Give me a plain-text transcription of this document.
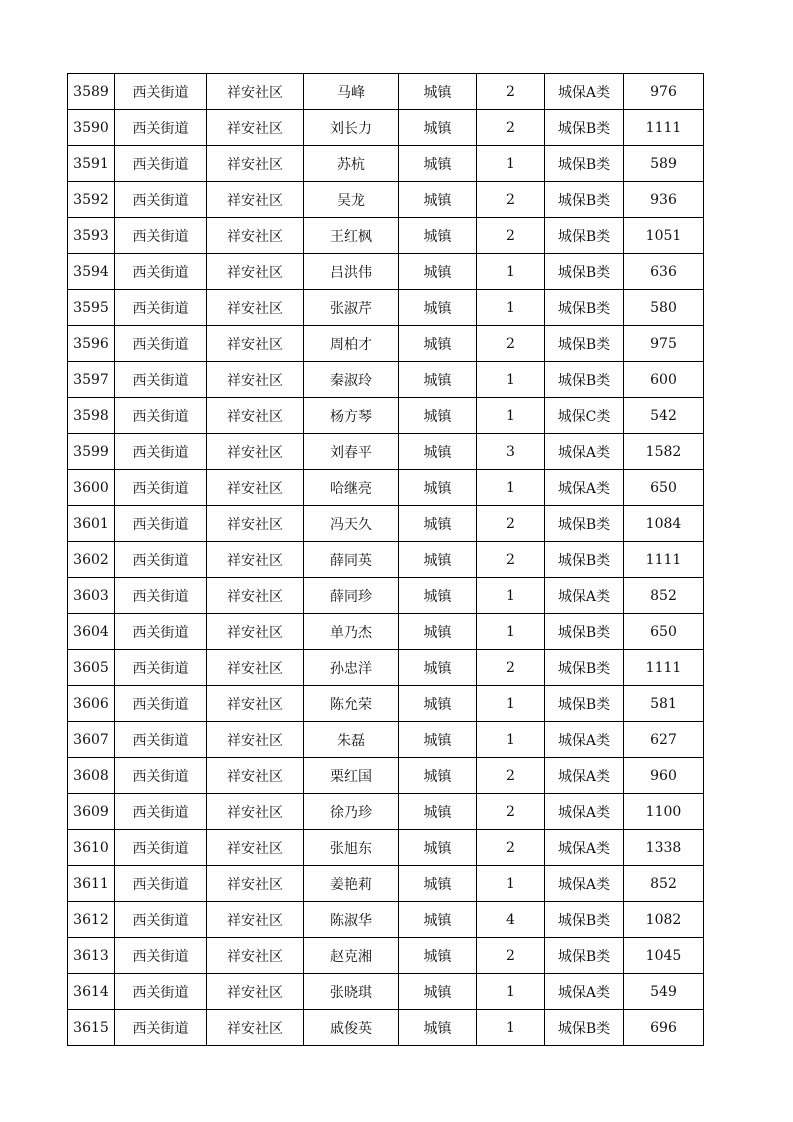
3589	西关街道	祥安社区	马峰	城镇	2	城保A类	976
3590	西关街道	祥安社区	刘长力	城镇	2	城保B类	1111
3591	西关街道	祥安社区	苏杭	城镇	1	城保B类	589
3592	西关街道	祥安社区	吴龙	城镇	2	城保B类	936
3593	西关街道	祥安社区	王红枫	城镇	2	城保B类	1051
3594	西关街道	祥安社区	吕洪伟	城镇	1	城保B类	636
3595	西关街道	祥安社区	张淑芹	城镇	1	城保B类	580
3596	西关街道	祥安社区	周柏才	城镇	2	城保B类	975
3597	西关街道	祥安社区	秦淑玲	城镇	1	城保B类	600
3598	西关街道	祥安社区	杨方琴	城镇	1	城保C类	542
3599	西关街道	祥安社区	刘春平	城镇	3	城保A类	1582
3600	西关街道	祥安社区	哈继亮	城镇	1	城保A类	650
3601	西关街道	祥安社区	冯天久	城镇	2	城保B类	1084
3602	西关街道	祥安社区	薛同英	城镇	2	城保B类	1111
3603	西关街道	祥安社区	薛同珍	城镇	1	城保A类	852
3604	西关街道	祥安社区	单乃杰	城镇	1	城保B类	650
3605	西关街道	祥安社区	孙忠洋	城镇	2	城保B类	1111
3606	西关街道	祥安社区	陈允荣	城镇	1	城保B类	581
3607	西关街道	祥安社区	朱磊	城镇	1	城保A类	627
3608	西关街道	祥安社区	栗红国	城镇	2	城保A类	960
3609	西关街道	祥安社区	徐乃珍	城镇	2	城保A类	1100
3610	西关街道	祥安社区	张旭东	城镇	2	城保A类	1338
3611	西关街道	祥安社区	姜艳莉	城镇	1	城保A类	852
3612	西关街道	祥安社区	陈淑华	城镇	4	城保B类	1082
3613	西关街道	祥安社区	赵克湘	城镇	2	城保B类	1045
3614	西关街道	祥安社区	张晓琪	城镇	1	城保A类	549
3615	西关街道	祥安社区	戚俊英	城镇	1	城保B类	696
